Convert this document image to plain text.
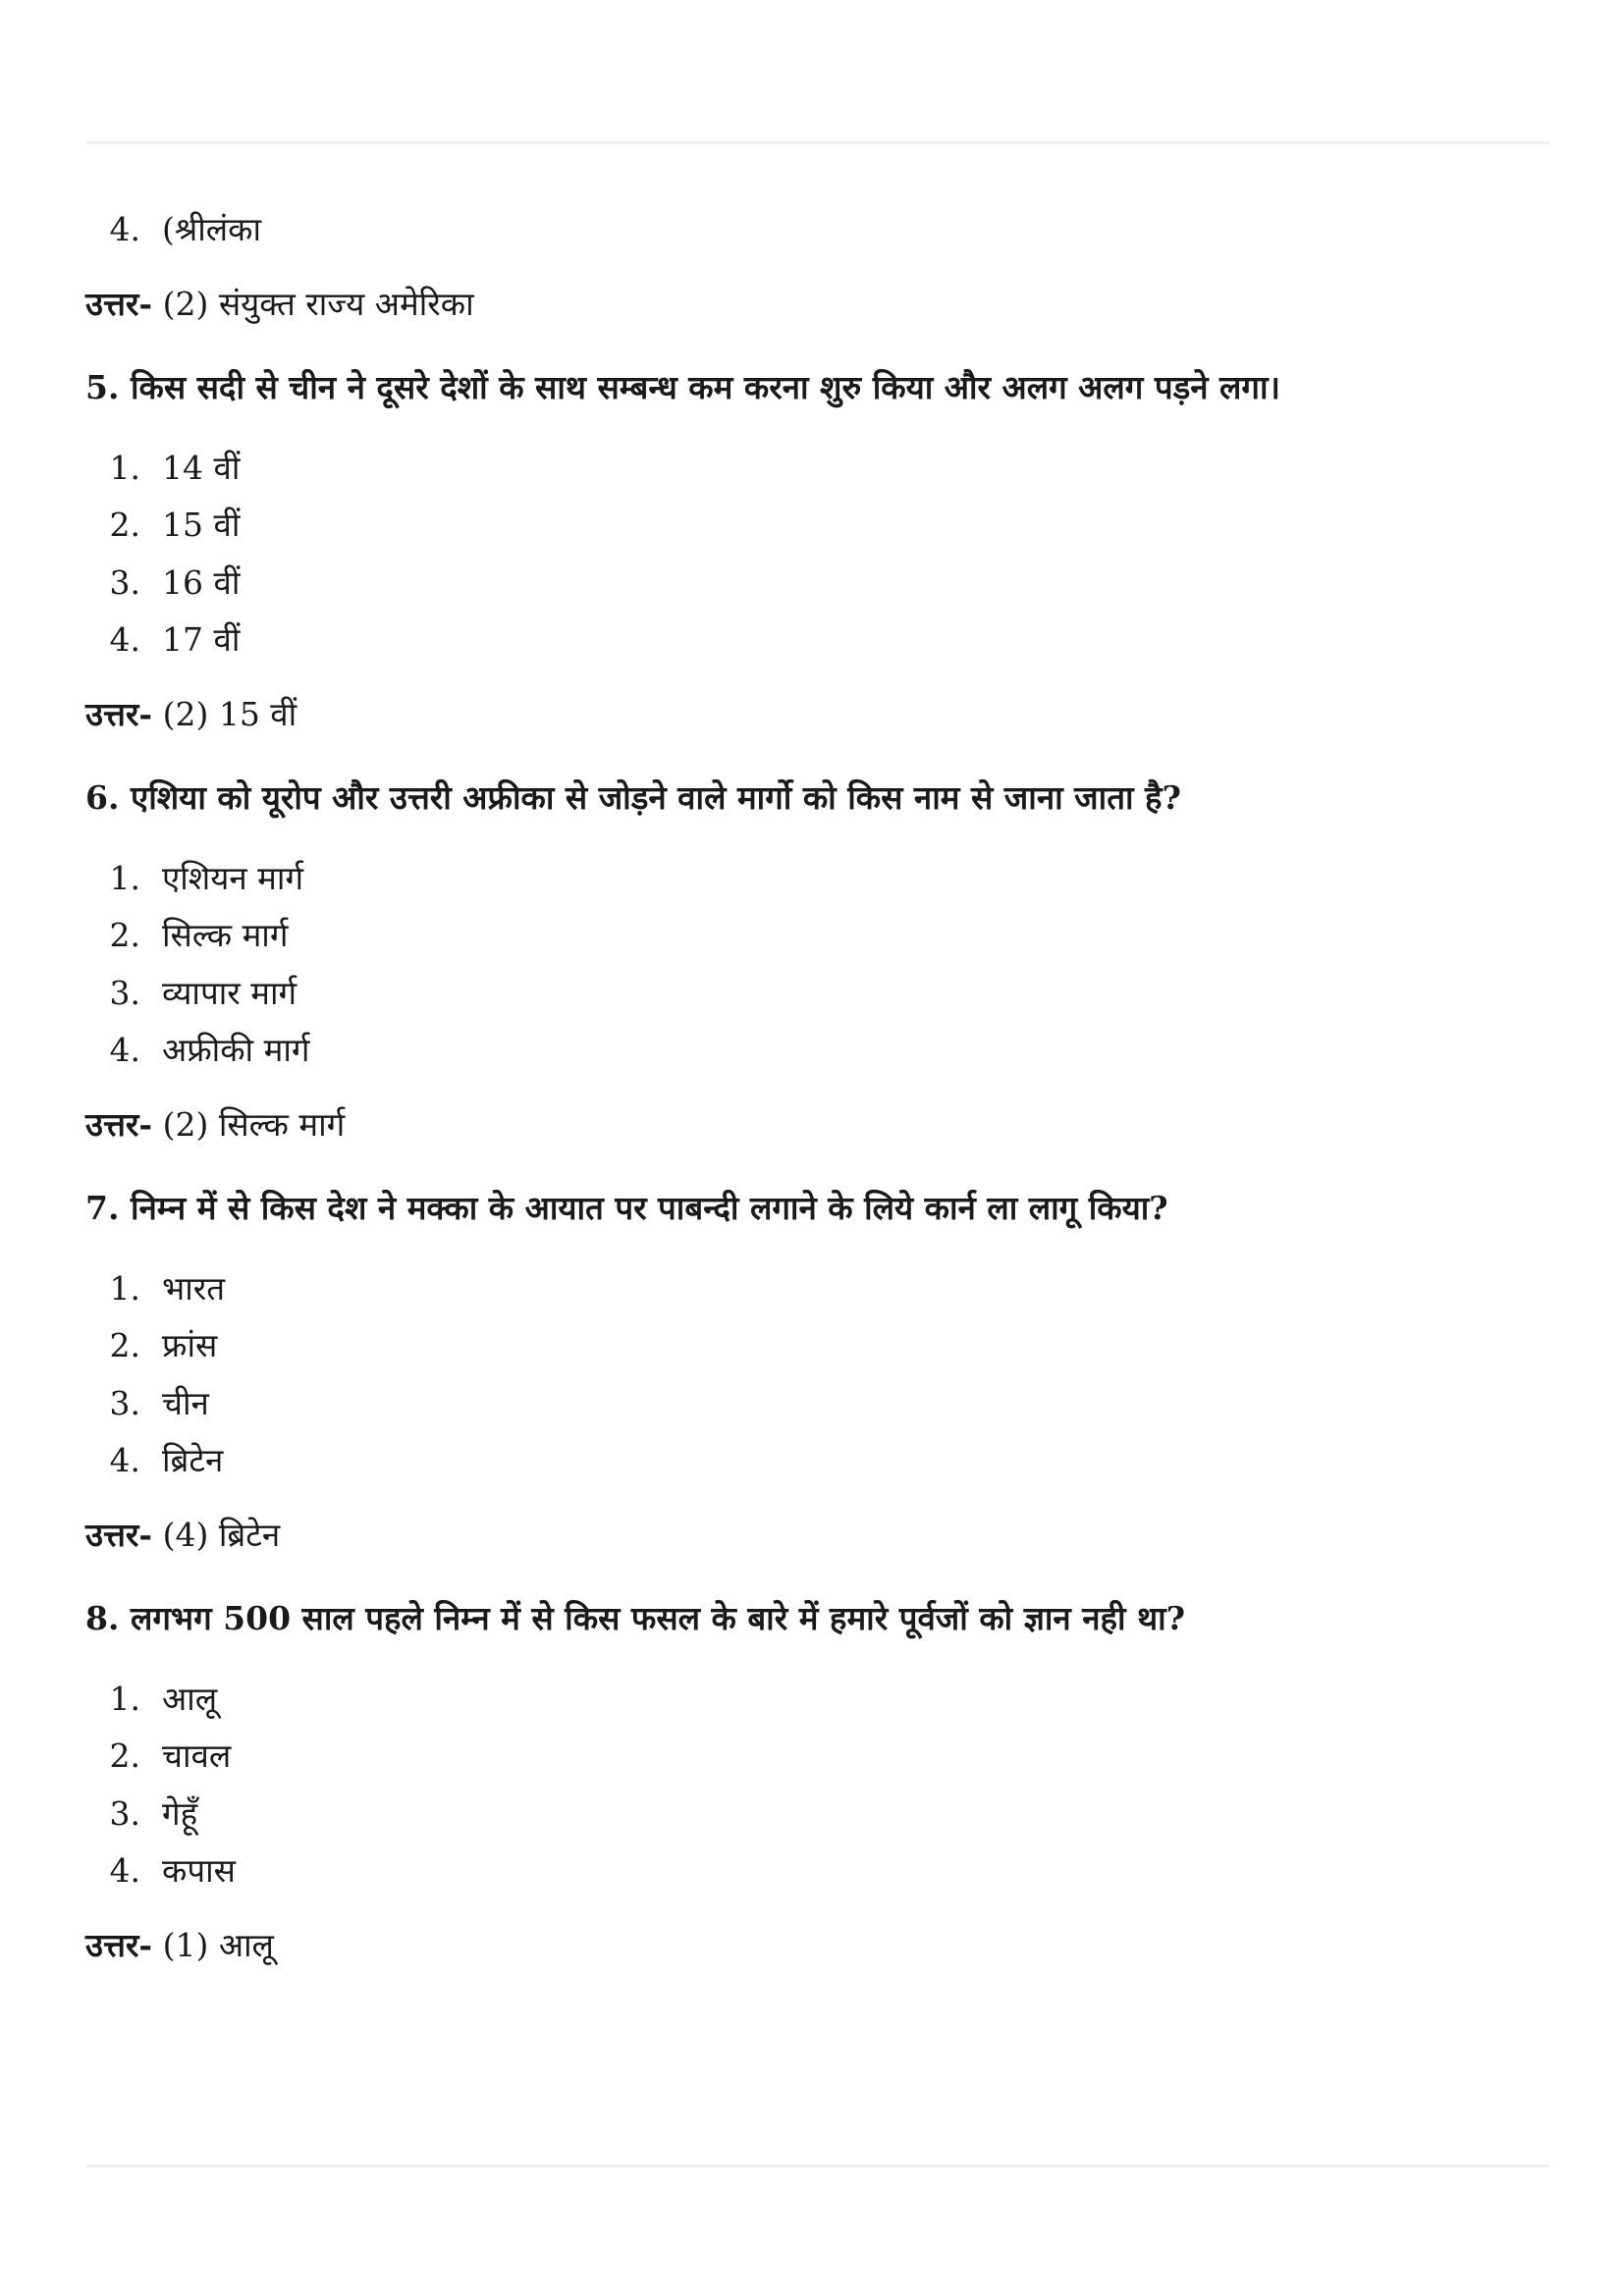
4. (श्रीलंका
उत्तर- (2) संयुक्त राज्य अमेरिका
5. किस सदी से चीन ने दूसरे देशों के साथ सम्बन्ध कम करना शुरु किया और अलग अलग पड़ने लगा।
1. 14 वीं
2. 15 वीं
3. 16 वीं
4. 17 वीं
उत्तर- (2) 15 वीं
6. एशिया को यूरोप और उत्तरी अफ्रीका से जोड़ने वाले मार्गो को किस नाम से जाना जाता है?
1. एशियन मार्ग
2. सिल्क मार्ग
3. व्यापार मार्ग
4. अफ्रीकी मार्ग
उत्तर- (2) सिल्क मार्ग
7. निम्न में से किस देश ने मक्का के आयात पर पाबन्दी लगाने के लिये कार्न ला लागू किया?
1. भारत
2. फ्रांस
3. चीन
4. ब्रिटेन
उत्तर- (4) ब्रिटेन
8. लगभग 500 साल पहले निम्न में से किस फसल के बारे में हमारे पूर्वजों को ज्ञान नही था?
1. आलू
2. चावल
3. गेहूँ
4. कपास
उत्तर- (1) आलू
